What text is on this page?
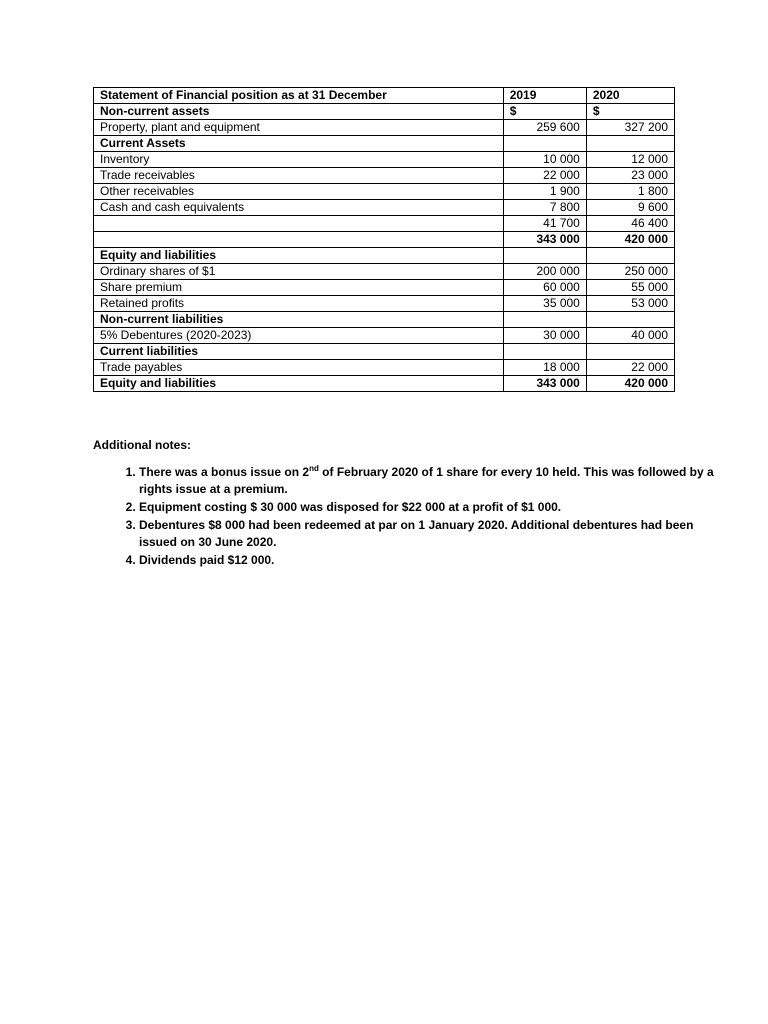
Statement of Financial position as at 31 December	2019	2020
Non-current assets	$	$
Property, plant and equipment	259 600	327 200
Current Assets		
Inventory	10 000	12 000
Trade receivables	22 000	23 000
Other receivables	1 900	1 800
Cash and cash equivalents	7 800	9 600
	41 700	46 400
	343 000	420 000
Equity and liabilities		
Ordinary shares of $1	200 000	250 000
Share premium	60 000	55 000
Retained profits	35 000	53 000
Non-current liabilities		
5% Debentures (2020-2023)	30 000	40 000
Current liabilities		
Trade payables	18 000	22 000
Equity and liabilities	343 000	420 000
Additional notes:
1. There was a bonus issue on 2nd of February 2020 of 1 share for every 10 held. This was followed by a rights issue at a premium.
2. Equipment costing $ 30 000 was disposed for $22 000 at a profit of $1 000.
3. Debentures $8 000 had been redeemed at par on 1 January 2020. Additional debentures had been issued on 30 June 2020.
4. Dividends paid $12 000.
